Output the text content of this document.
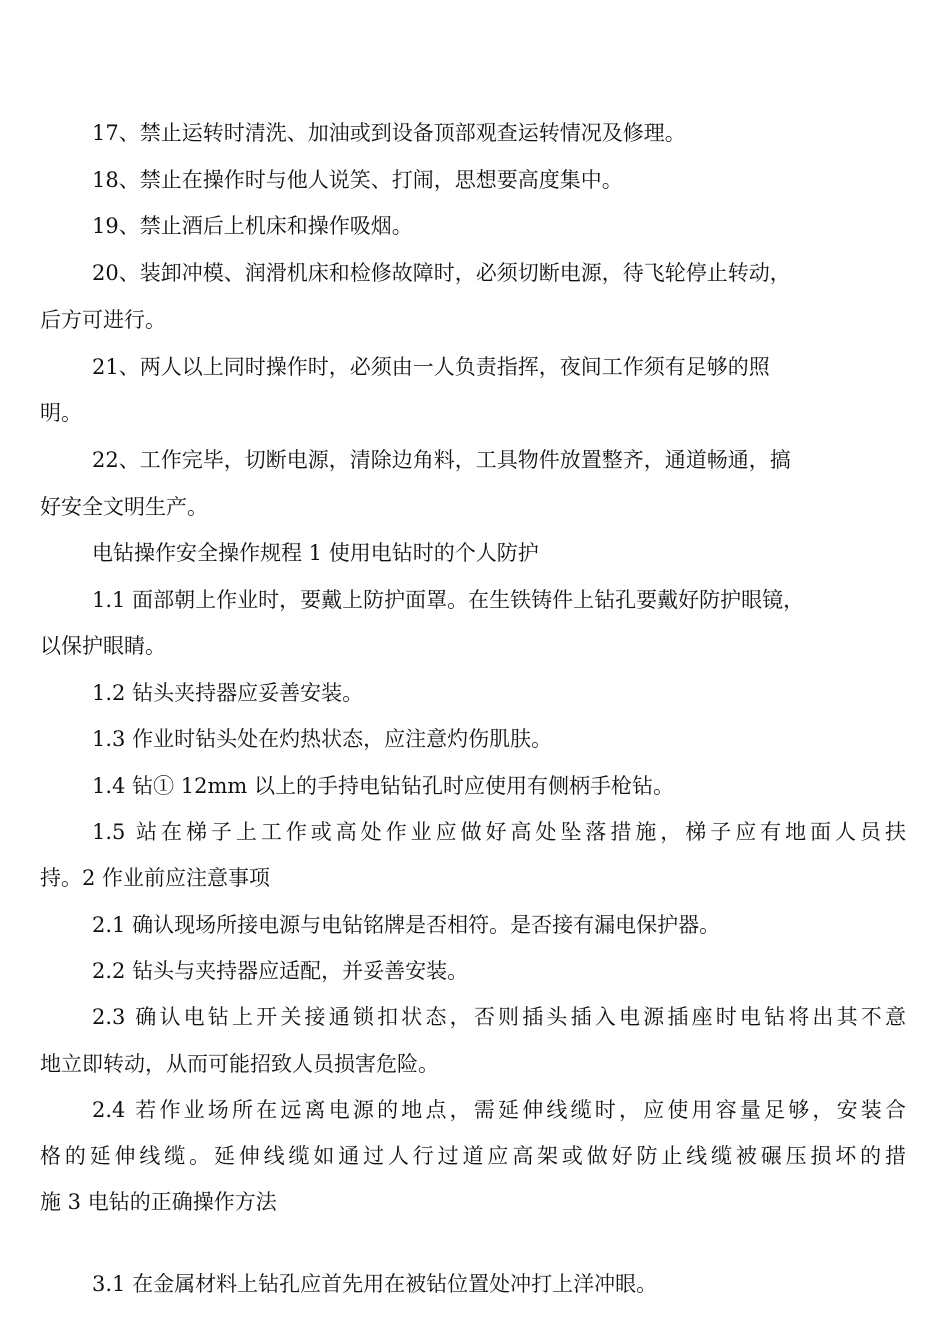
17、禁止运转时清洗、加油或到设备顶部观查运转情况及修理。

18、禁止在操作时与他人说笑、打闹，思想要高度集中。

19、禁止酒后上机床和操作吸烟。

20、装卸冲模、润滑机床和检修故障时，必须切断电源，待飞轮停止转动，

后方可进行。

21、两人以上同时操作时，必须由一人负责指挥，夜间工作须有足够的照

明。

22、工作完毕，切断电源，清除边角料，工具物件放置整齐，通道畅通，搞

好安全文明生产。

电钻操作安全操作规程 1 使用电钻时的个人防护

1.1 面部朝上作业时，要戴上防护面罩。在生铁铸件上钻孔要戴好防护眼镜，

以保护眼睛。

1.2 钻头夹持器应妥善安装。

1.3 作业时钻头处在灼热状态，应注意灼伤肌肤。

1.4 钻① 12mm 以上的手持电钻钻孔时应使用有侧柄手枪钻。

1.5 站在梯子上工作或高处作业应做好高处坠落措施，梯子应有地面人员扶

持。2 作业前应注意事项

2.1 确认现场所接电源与电钻铭牌是否相符。是否接有漏电保护器。

2.2 钻头与夹持器应适配，并妥善安装。

2.3 确认电钻上开关接通锁扣状态，否则插头插入电源插座时电钻将出其不意

地立即转动，从而可能招致人员损害危险。

2.4 若作业场所在远离电源的地点，需延伸线缆时，应使用容量足够，安装合

格的延伸线缆。延伸线缆如通过人行过道应高架或做好防止线缆被碾压损坏的措

施 3 电钻的正确操作方法

3.1 在金属材料上钻孔应首先用在被钻位置处冲打上洋冲眼。
